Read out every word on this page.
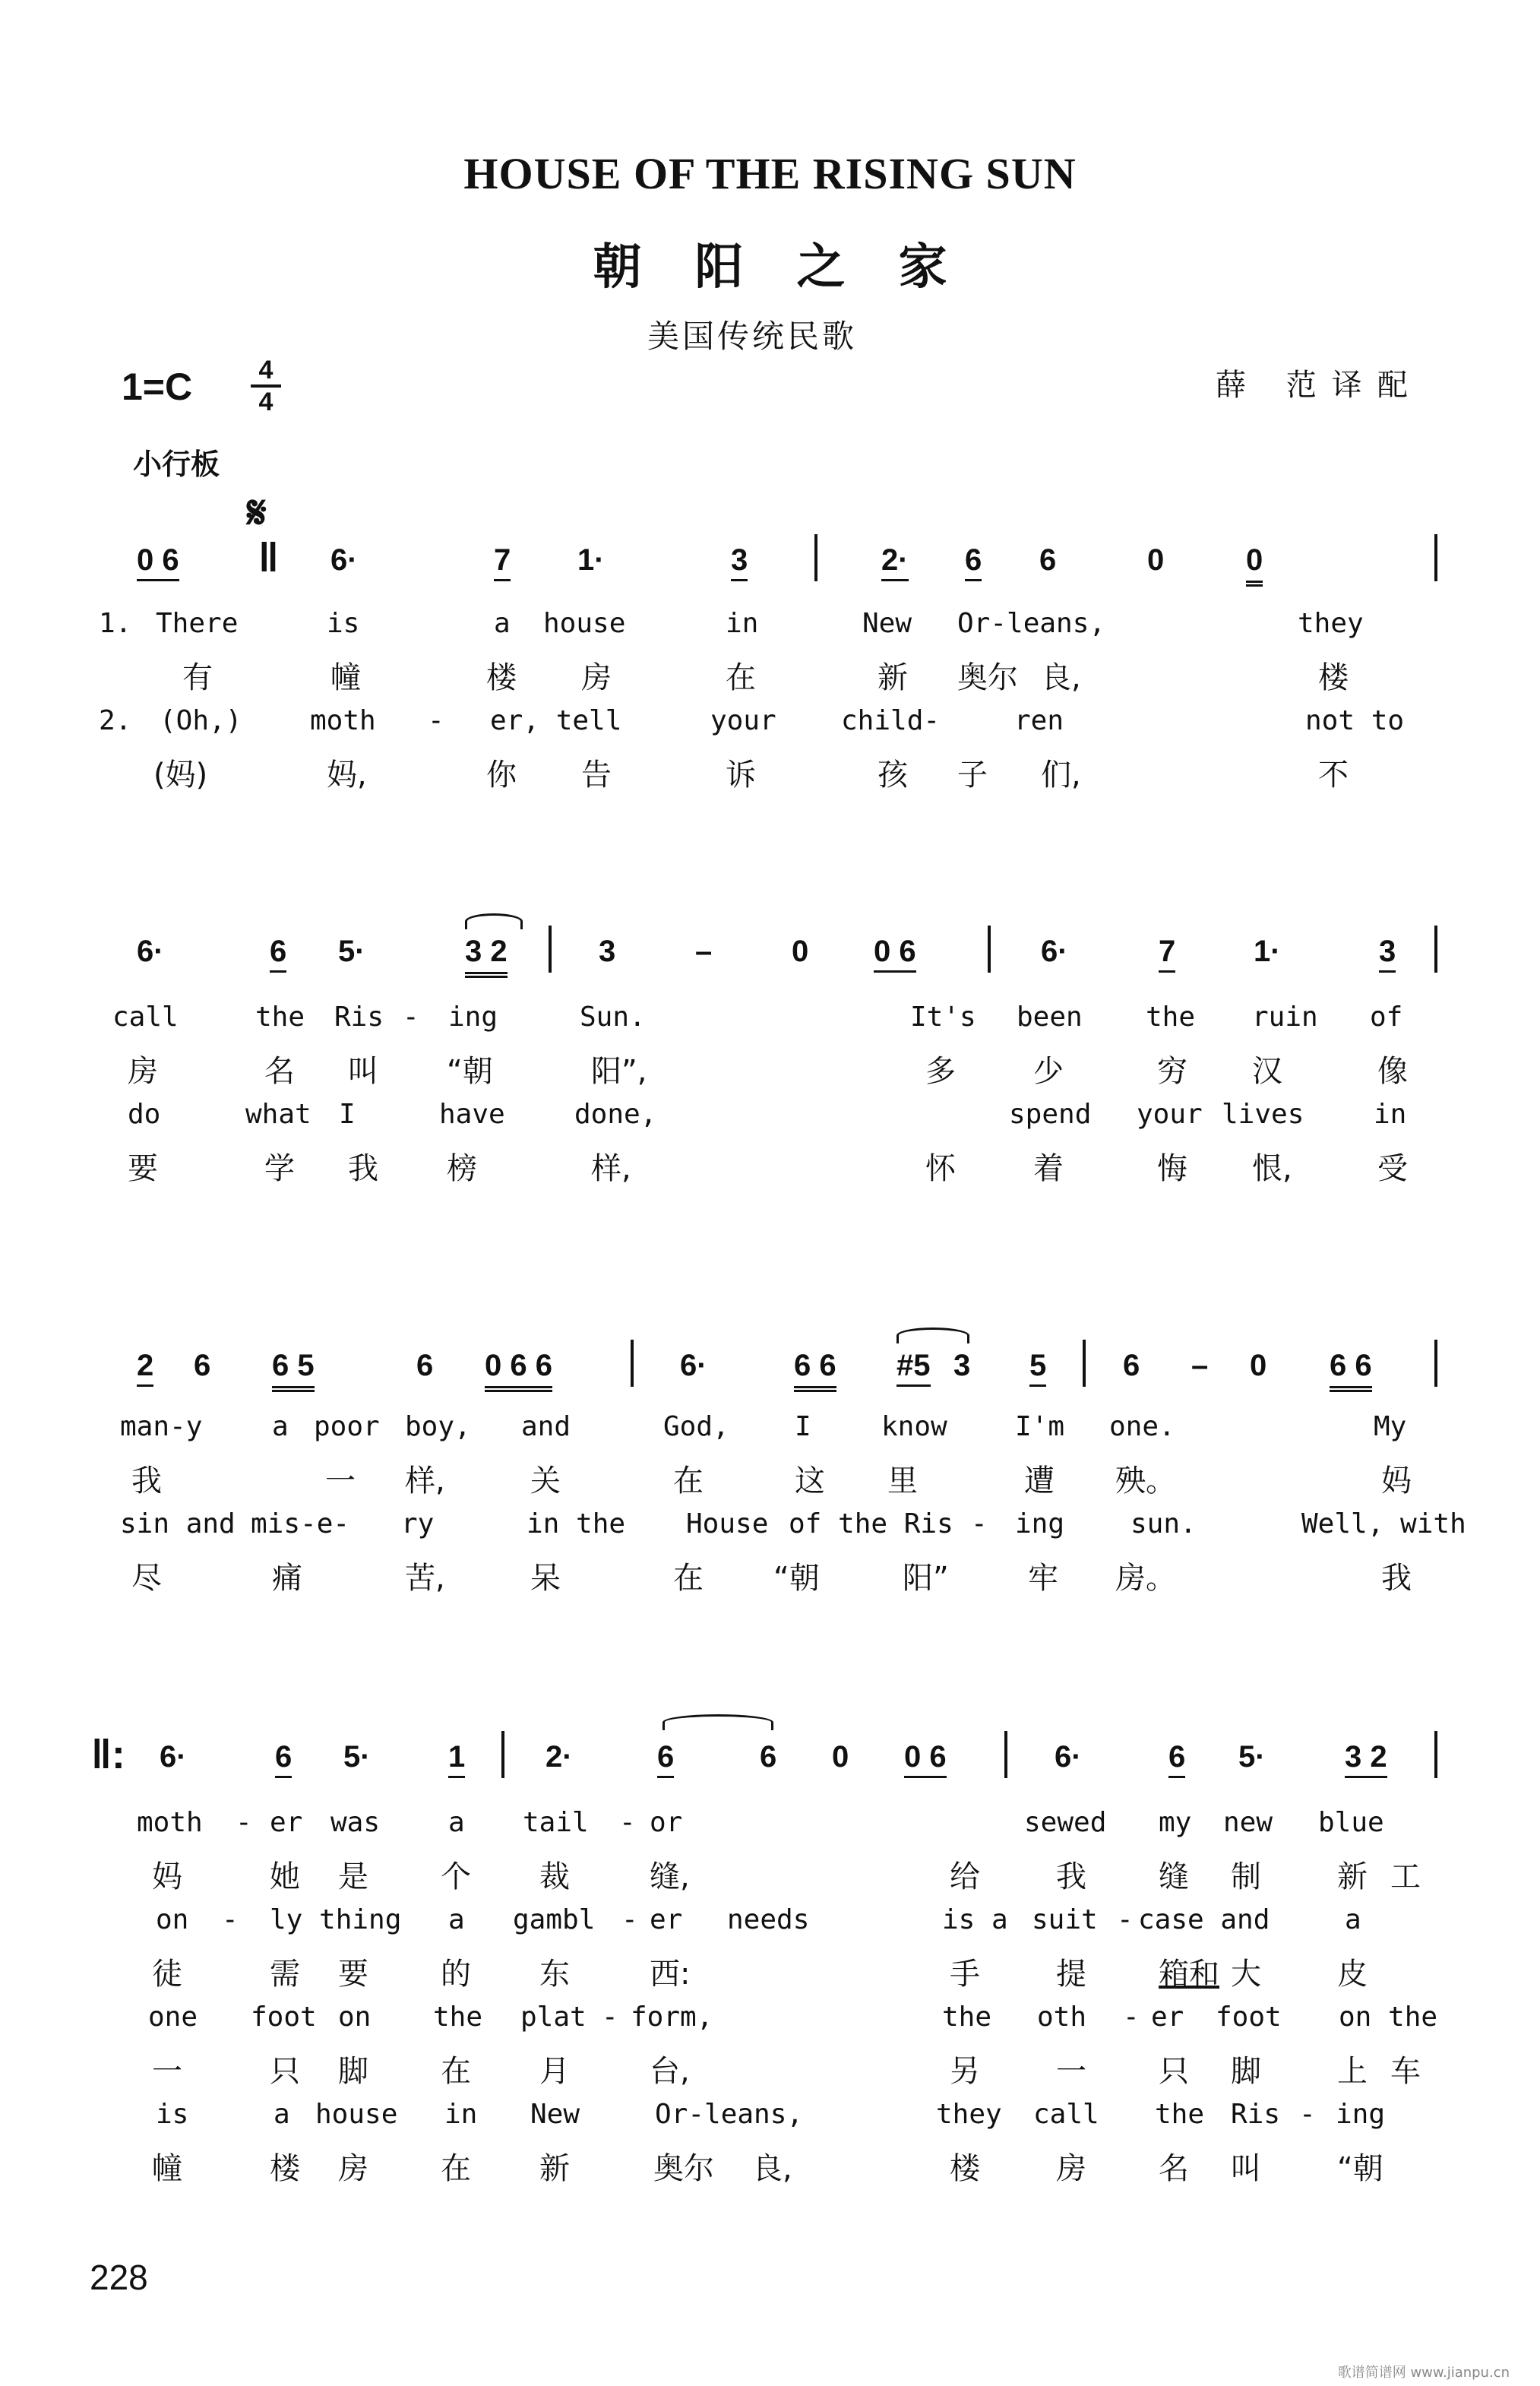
HOUSE OF THE RISING SUN
朝阳之家
美国传统民歌
1=C	4
4	薛 范译配
小行板
𝄋
0 6 ‖ 6·	7 1·	3	2· 6 6	0	0
1. There	is	a house	in	New Or-leans,	they
有	幢	楼 房	在	新 奥尔 良,	楼
2. (Oh,) moth - er, tell	your child-	ren	not to
(妈)	妈,	你 告	诉	孩 子 们,	不
6·	6 5·	3 2	3	–	0 0 6	6·	7	1·	3
call	the Ris - ing	Sun.	It's been the ruin of
房	名 叫 “朝	阳”,	多	少	穷 汉	像
do	what I	have	done,	spend your lives	in
要	学 我 榜	样,	怀	着	悔 恨,	受
2 6 6 5	6 0 6 6	6·	6 6 #5 3 5	6 – 0 6 6
man-y	a poor boy, and	God, I	know I'm one.	My
我	一 样,	关	在	这 里	遭 殃。	妈
sin and mis-e- ry	in the House of the Ris - ing sun.	Well, with
尽	痛	苦,	呆	在 “朝	阳”	牢 房。	我
‖: 6·	6 5·	1	2·	6	6 0 0 6	6·	6 5·	3 2
moth - er was a tail - or	sewed my new blue
妈	她 是 个 裁	缝,	给	我 缝 制	新 工
on - ly thing a gambl - er needs	is a suit - case and	a
徒	需 要 的 东	西:	手	提 箱和 大	皮
one foot on the plat - form,	the oth - er foot on the
一	只 脚 在 月	台,	另	一 只 脚	上 车
is	a house in New	Or-leans,	they call the Ris - ing
幢	楼 房 在 新	奥尔 良,	楼	房 名 叫	“朝
228
歌谱简谱网 www.jianpu.cn
